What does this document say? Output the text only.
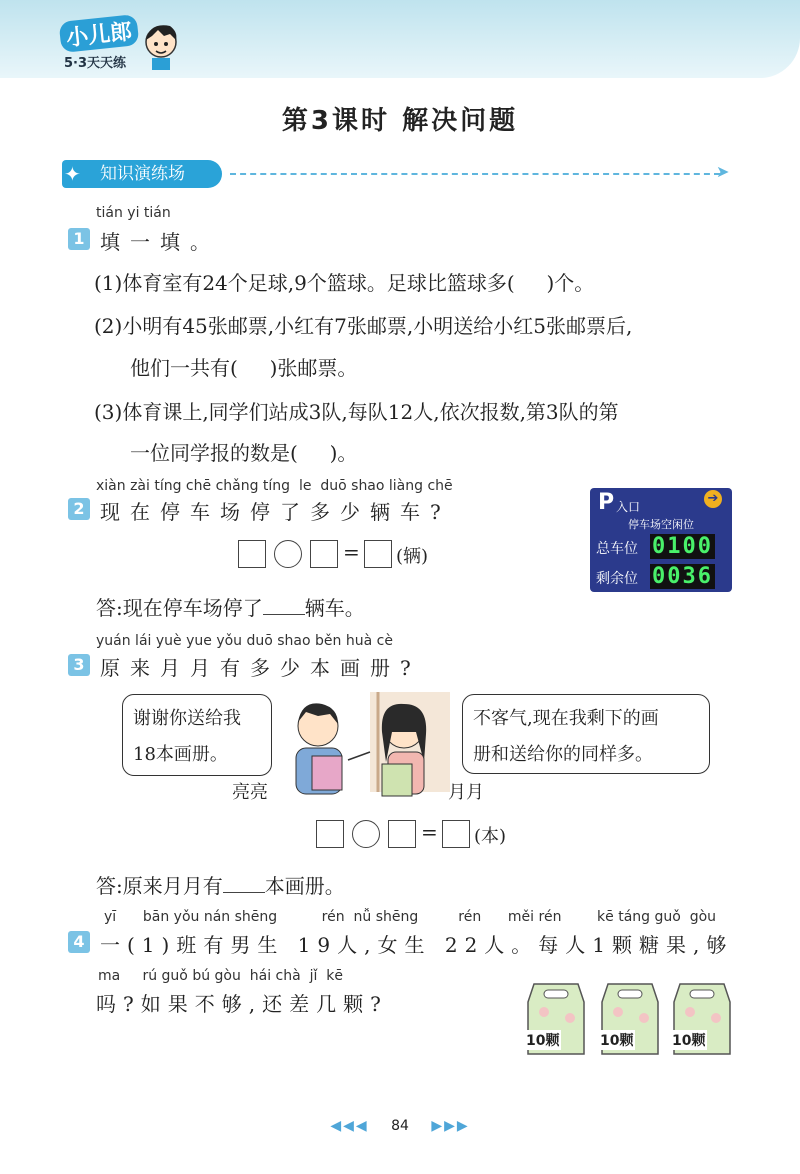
小儿郎
5·3天天练
第3课时 解决问题
知识演练场
✦	➤
tián yi tián
1 填一填。
(1)体育室有24个足球,9个篮球。足球比篮球多(     )个。
(2)小明有45张邮票,小红有7张邮票,小明送给小红5张邮票后,
他们一共有(     )张邮票。
(3)体育课上,同学们站成3队,每队12人,依次报数,第3队的第
一位同学报的数是(     )。
xiàn zài tíng chē chǎng tíng  le  duō shao liàng chē
2 现在停车场停了多少辆车?
= (辆)
答:现在停车场停了 辆车。
P 入口
➔
停车场空闲位
总车位 0100
剩余位 0036
yuán lái yuè yue yǒu duō shao běn huà cè
3 原来月月有多少本画册?
谢谢你送给我
18本画册。
不客气,现在我剩下的画
册和送给你的同样多。
亮亮	月月
= (本)
答:原来月月有 本画册。
yī      bān yǒu nán shēng          rén  nǚ shēng         rén      měi rén        kē táng guǒ  gòu
4 一(1)班有男生 19人,女生 22人。每人1颗糖果,够
ma     rú guǒ bú gòu  hái chà  jǐ  kē
吗?如果不够,还差几颗?
10颗	10颗	10颗
◀◀◀ 84 ▶▶▶
